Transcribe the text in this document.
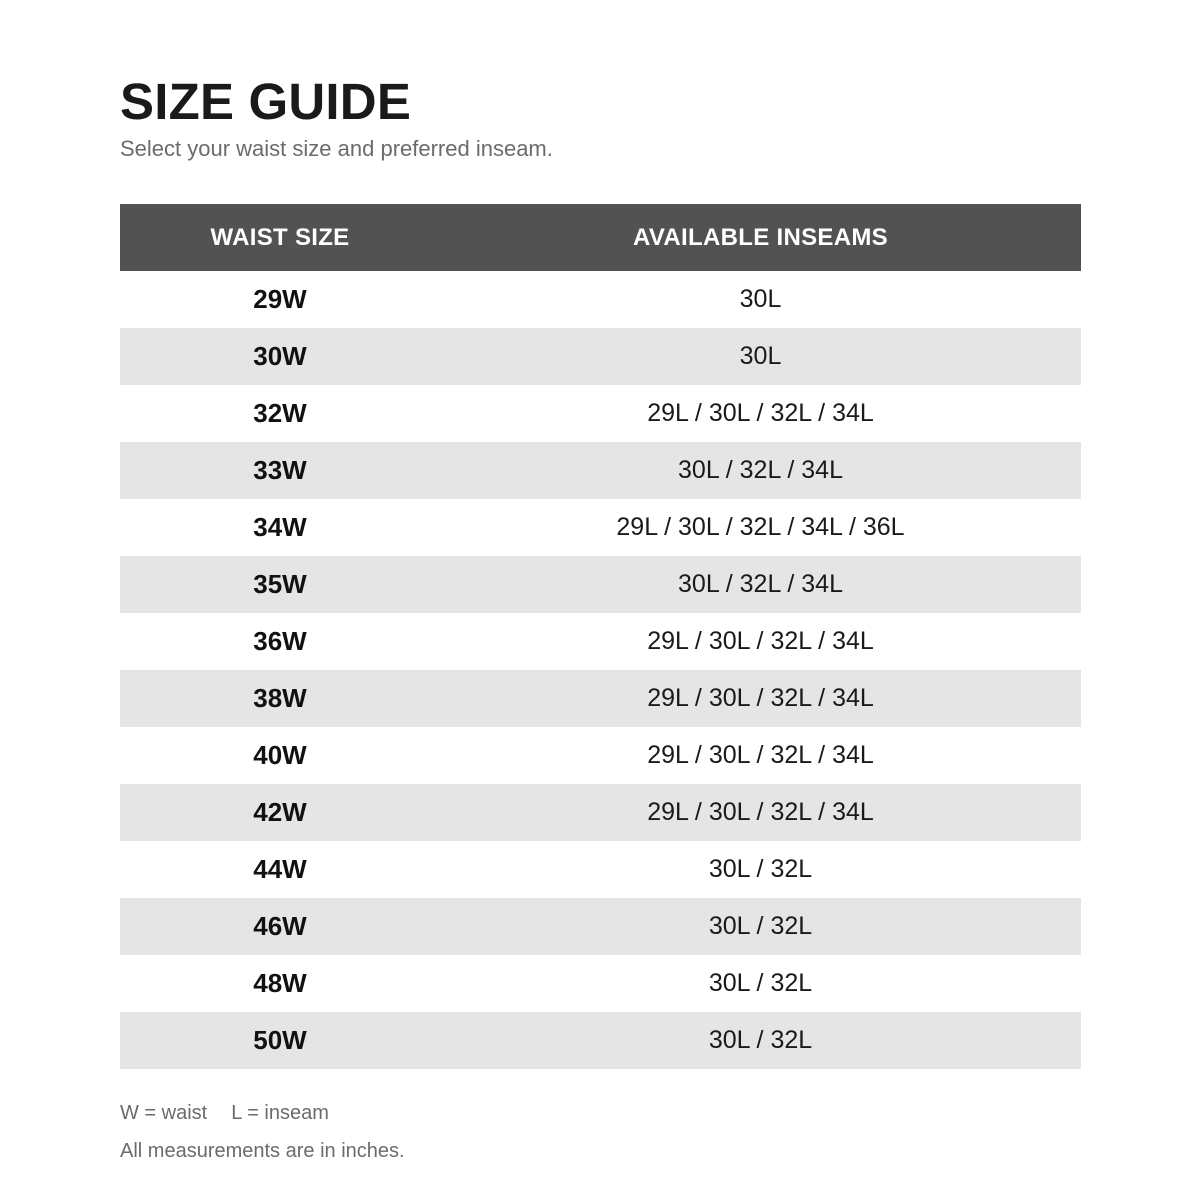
SIZE GUIDE

Select your waist size and preferred inseam.

WAIST SIZE	AVAILABLE INSEAMS
29W	30L
30W	30L
32W	29L / 30L / 32L / 34L
33W	30L / 32L / 34L
34W	29L / 30L / 32L / 34L / 36L
35W	30L / 32L / 34L
36W	29L / 30L / 32L / 34L
38W	29L / 30L / 32L / 34L
40W	29L / 30L / 32L / 34L
42W	29L / 30L / 32L / 34L
44W	30L / 32L
46W	30L / 32L
48W	30L / 32L
50W	30L / 32L
W = waist L = inseam
All measurements are in inches.
